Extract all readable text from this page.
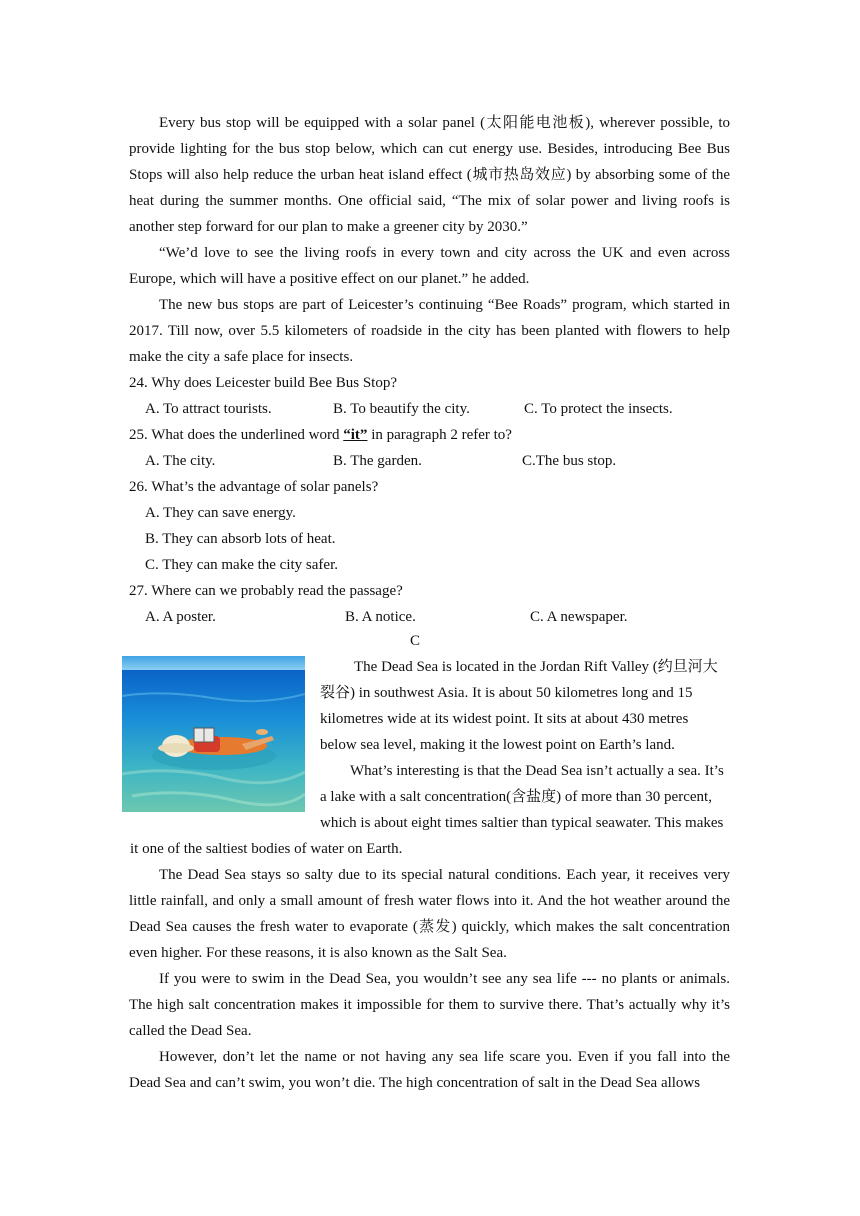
Every bus stop will be equipped with a solar panel (太阳能电池板), wherever possible, to provide lighting for the bus stop below, which can cut energy use. Besides, introducing Bee Bus Stops will also help reduce the urban heat island effect (城市热岛效应) by absorbing some of the heat during the summer months. One official said, “The mix of solar power and living roofs is another step forward for our plan to make a greener city by 2030.”

“We’d love to see the living roofs in every town and city across the UK and even across Europe, which will have a positive effect on our planet.” he added.

The new bus stops are part of Leicester’s continuing “Bee Roads” program, which started in 2017. Till now, over 5.5 kilometers of roadside in the city has been planted with flowers to help make the city a safe place for insects.

24. Why does Leicester build Bee Bus Stop?
A. To attract tourists.	B. To beautify the city.	C. To protect the insects.
25. What does the underlined word “it” in paragraph 2 refer to?
A. The city.	B. The garden.	C.The bus stop.
26. What’s the advantage of solar panels?
A. They can save energy.
B. They can absorb lots of heat.
C. They can make the city safer.
27. Where can we probably read the passage?
A. A poster.	B. A notice.	C. A newspaper.
C
The Dead Sea is located in the Jordan Rift Valley (约旦河大
裂谷) in southwest Asia. It is about 50 kilometres long and 15
kilometres wide at its widest point. It sits at about 430 metres
below sea level, making it the lowest point on Earth’s land.
What’s interesting is that the Dead Sea isn’t actually a sea. It’s
a lake with a salt concentration(含盐度) of more than 30 percent,
which is about eight times saltier than typical seawater. This makes
it one of the saltiest bodies of water on Earth.

The Dead Sea stays so salty due to its special natural conditions. Each year, it receives very little rainfall, and only a small amount of fresh water flows into it. And the hot weather around the Dead Sea causes the fresh water to evaporate (蒸发) quickly, which makes the salt concentration even higher. For these reasons, it is also known as the Salt Sea.

If you were to swim in the Dead Sea, you wouldn’t see any sea life --- no plants or animals. The high salt concentration makes it impossible for them to survive there. That’s actually why it’s called the Dead Sea.

However, don’t let the name or not having any sea life scare you. Even if you fall into the Dead Sea and can’t swim, you won’t die. The high concentration of salt in the Dead Sea allows
